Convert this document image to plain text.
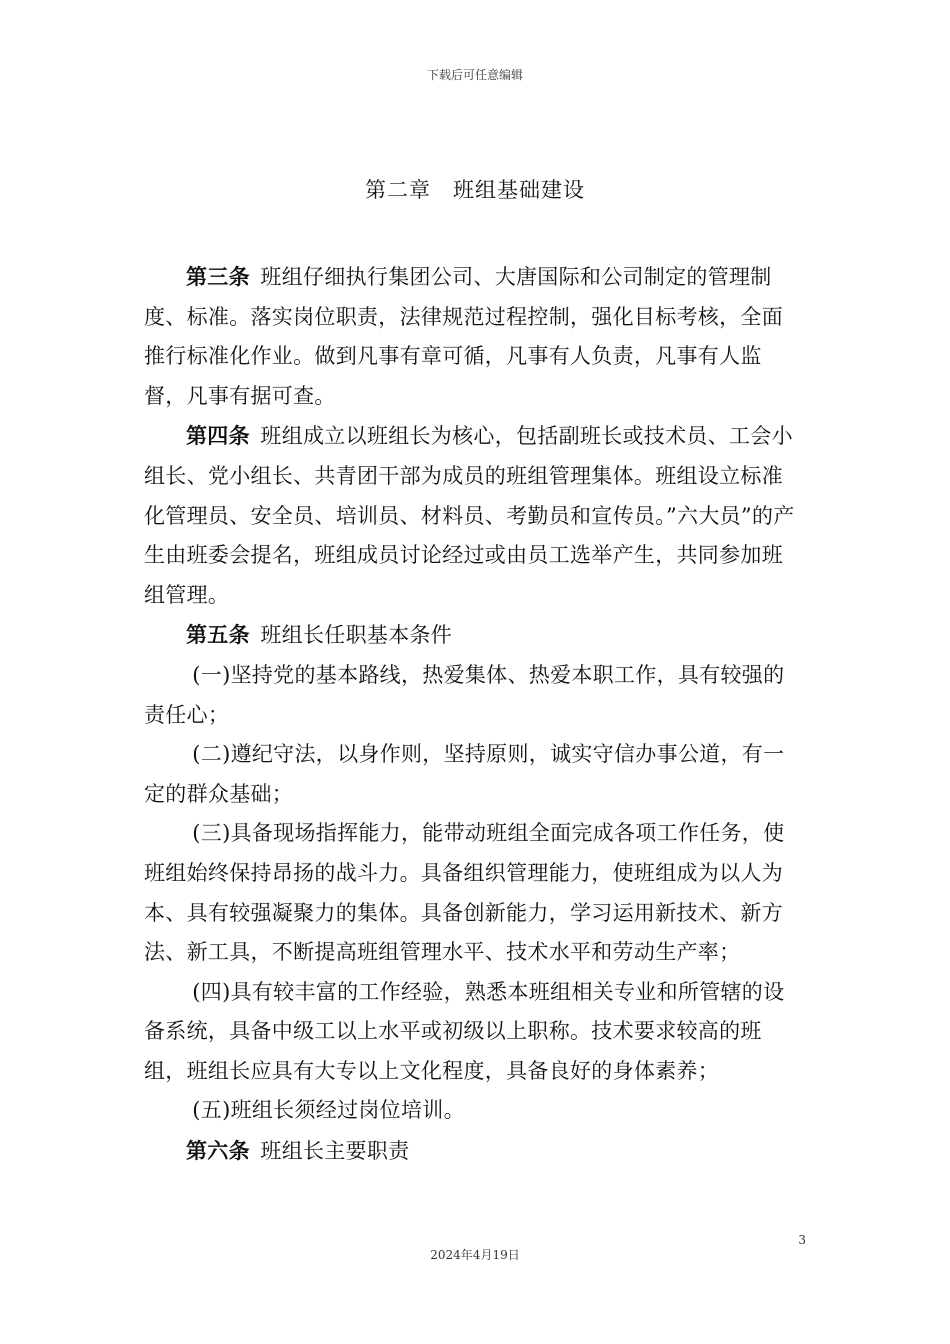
下载后可任意编辑
第二章　班组基础建设

第三条 班组仔细执行集团公司、大唐国际和公司制定的管理制度、标准。落实岗位职责，法律规范过程控制，强化目标考核，全面推行标准化作业。做到凡事有章可循，凡事有人负责，凡事有人监督，凡事有据可查。

第四条 班组成立以班组长为核心，包括副班长或技术员、工会小组长、党小组长、共青团干部为成员的班组管理集体。班组设立标准化管理员、安全员、培训员、材料员、考勤员和宣传员。”六大员”的产生由班委会提名，班组成员讨论经过或由员工选举产生，共同参加班组管理。

第五条 班组长任职基本条件

(一)坚持党的基本路线，热爱集体、热爱本职工作，具有较强的责任心；

(二)遵纪守法，以身作则，坚持原则，诚实守信办事公道，有一定的群众基础；

(三)具备现场指挥能力，能带动班组全面完成各项工作任务，使班组始终保持昂扬的战斗力。具备组织管理能力，使班组成为以人为本、具有较强凝聚力的集体。具备创新能力，学习运用新技术、新方法、新工具，不断提高班组管理水平、技术水平和劳动生产率；

(四)具有较丰富的工作经验，熟悉本班组相关专业和所管辖的设备系统，具备中级工以上水平或初级以上职称。技术要求较高的班组，班组长应具有大专以上文化程度，具备良好的身体素养；

(五)班组长须经过岗位培训。

第六条 班组长主要职责

3
2024年4月19日
